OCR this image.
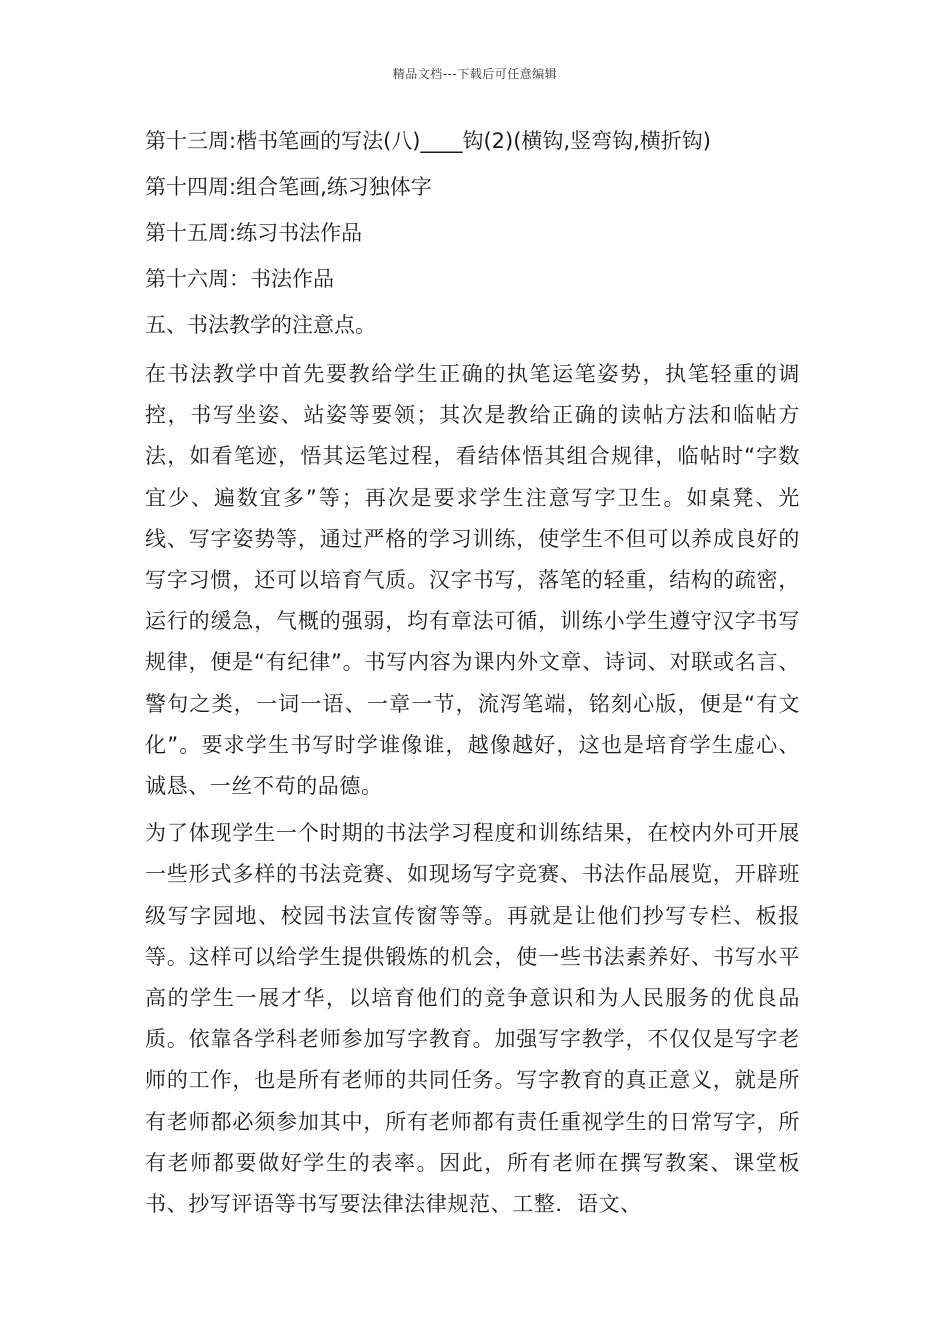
精品文档---下载后可任意编辑
第十三周:楷书笔画的写法(八)____钩(2)(横钩,竖弯钩,横折钩)
第十四周:组合笔画,练习独体字
第十五周:练习书法作品
第十六周：书法作品
五、书法教学的注意点。

在书法教学中首先要教给学生正确的执笔运笔姿势，执笔轻重的调控，书写坐姿、站姿等要领；其次是教给正确的读帖方法和临帖方法，如看笔迹，悟其运笔过程，看结体悟其组合规律，临帖时“字数宜少、遍数宜多”等；再次是要求学生注意写字卫生。如桌凳、光线、写字姿势等，通过严格的学习训练，使学生不但可以养成良好的写字习惯，还可以培育气质。汉字书写，落笔的轻重，结构的疏密，运行的缓急，气概的强弱，均有章法可循，训练小学生遵守汉字书写规律，便是“有纪律”。书写内容为课内外文章、诗词、对联或名言、警句之类，一词一语、一章一节，流泻笔端，铭刻心版，便是“有文化”。要求学生书写时学谁像谁，越像越好，这也是培育学生虚心、诚恳、一丝不苟的品德。

为了体现学生一个时期的书法学习程度和训练结果，在校内外可开展一些形式多样的书法竞赛、如现场写字竞赛、书法作品展览，开辟班级写字园地、校园书法宣传窗等等。再就是让他们抄写专栏、板报等。这样可以给学生提供锻炼的机会，使一些书法素养好、书写水平高的学生一展才华，以培育他们的竞争意识和为人民服务的优良品质。依靠各学科老师参加写字教育。加强写字教学，不仅仅是写字老师的工作，也是所有老师的共同任务。写字教育的真正意义，就是所有老师都必须参加其中，所有老师都有责任重视学生的日常写字，所有老师都要做好学生的表率。因此，所有老师在撰写教案、课堂板书、抄写评语等书写要法律法律规范、工整．语文、
